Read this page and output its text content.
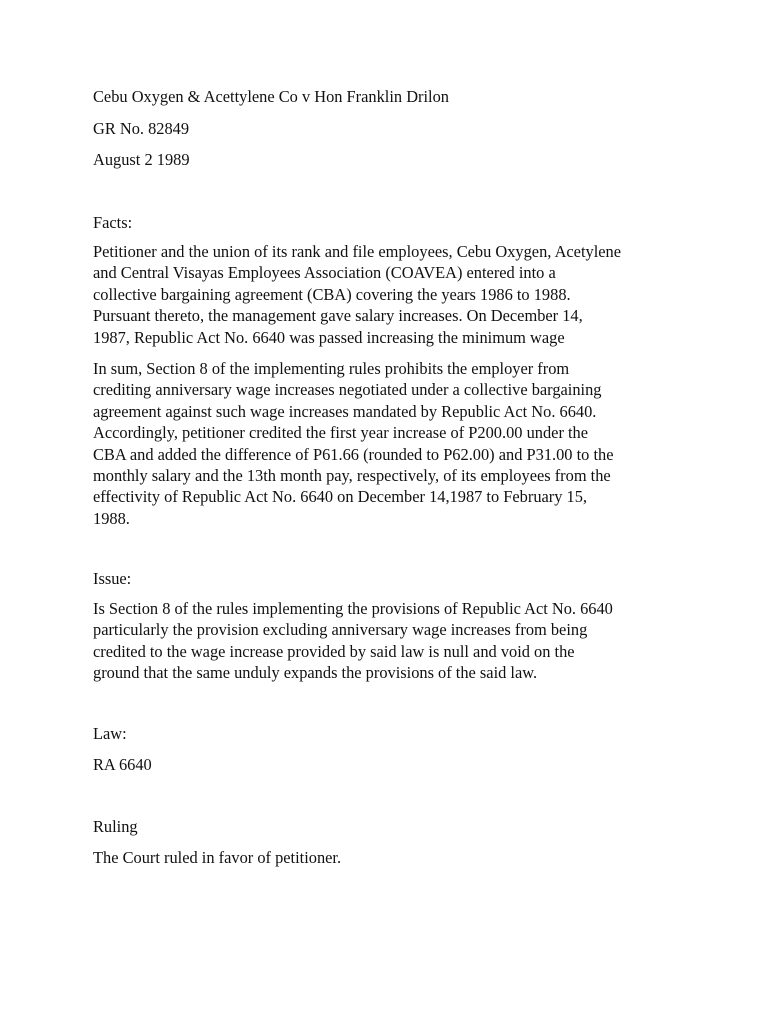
Cebu Oxygen & Acettylene Co v Hon Franklin Drilon

GR No. 82849

August 2 1989

Facts:

Petitioner and the union of its rank and file employees, Cebu Oxygen, Acetylene
and Central Visayas Employees Association (COAVEA) entered into a
collective bargaining agreement (CBA) covering the years 1986 to 1988.
Pursuant thereto, the management gave salary increases. On December 14,
1987, Republic Act No. 6640 was passed increasing the minimum wage
In sum, Section 8 of the implementing rules prohibits the employer from
crediting anniversary wage increases negotiated under a collective bargaining
agreement against such wage increases mandated by Republic Act No. 6640.
Accordingly, petitioner credited the first year increase of P200.00 under the
CBA and added the difference of P61.66 (rounded to P62.00) and P31.00 to the
monthly salary and the 13th month pay, respectively, of its employees from the
effectivity of Republic Act No. 6640 on December 14,1987 to February 15,
1988.

Issue:

Is Section 8 of the rules implementing the provisions of Republic Act No. 6640
particularly the provision excluding anniversary wage increases from being
credited to the wage increase provided by said law is null and void on the
ground that the same unduly expands the provisions of the said law.

Law:

RA 6640

Ruling

The Court ruled in favor of petitioner.
